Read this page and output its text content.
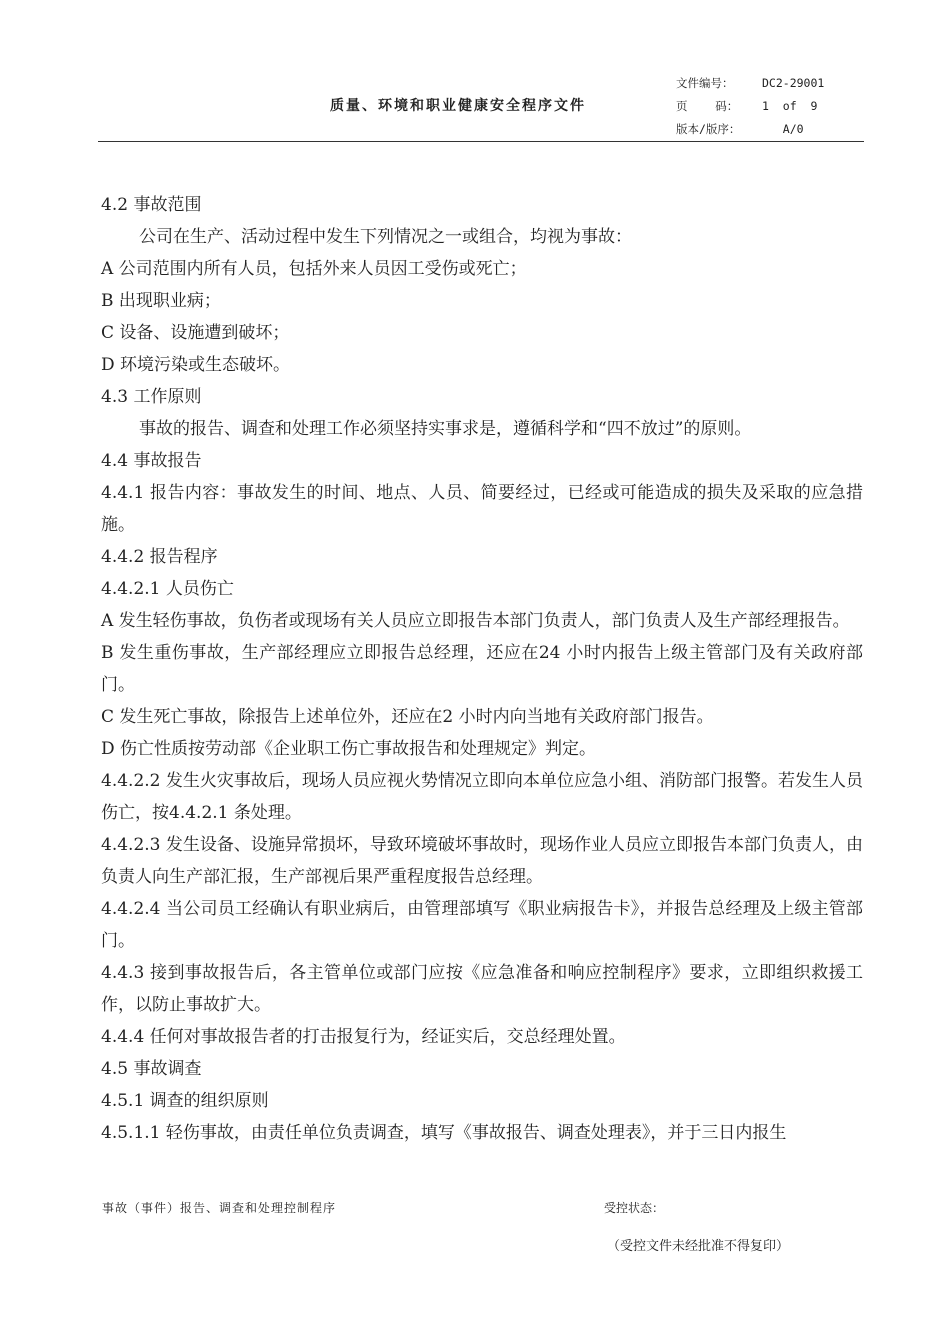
质量、环境和职业健康安全程序文件
文件编号：	DC2-29001
页    码：	1  of  9
版本/版序：	A/0

4.2 事故范围

公司在生产、活动过程中发生下列情况之一或组合，均视为事故：

A 公司范围内所有人员，包括外来人员因工受伤或死亡；

B 出现职业病；

C 设备、设施遭到破坏；

D 环境污染或生态破坏。

4.3 工作原则

事故的报告、调查和处理工作必须坚持实事求是，遵循科学和“四不放过”的原则。

4.4 事故报告

4.4.1 报告内容：事故发生的时间、地点、人员、简要经过，已经或可能造成的损失及采取的应急措施。

4.4.2 报告程序

4.4.2.1 人员伤亡

A 发生轻伤事故，负伤者或现场有关人员应立即报告本部门负责人，部门负责人及生产部经理报告。

B 发生重伤事故，生产部经理应立即报告总经理，还应在24 小时内报告上级主管部门及有关政府部门。

C 发生死亡事故，除报告上述单位外，还应在2 小时内向当地有关政府部门报告。

D 伤亡性质按劳动部《企业职工伤亡事故报告和处理规定》判定。

4.4.2.2 发生火灾事故后，现场人员应视火势情况立即向本单位应急小组、消防部门报警。若发生人员伤亡，按4.4.2.1 条处理。

4.4.2.3 发生设备、设施异常损坏，导致环境破坏事故时，现场作业人员应立即报告本部门负责人，由负责人向生产部汇报，生产部视后果严重程度报告总经理。

4.4.2.4 当公司员工经确认有职业病后，由管理部填写《职业病报告卡》，并报告总经理及上级主管部门。

4.4.3 接到事故报告后，各主管单位或部门应按《应急准备和响应控制程序》要求，立即组织救援工作，以防止事故扩大。

4.4.4 任何对事故报告者的打击报复行为，经证实后，交总经理处置。

4.5 事故调查

4.5.1 调查的组织原则

4.5.1.1 轻伤事故，由责任单位负责调查，填写《事故报告、调查处理表》，并于三日内报生

事故（事件）报告、调查和处理控制程序	受控状态：
（受控文件未经批准不得复印）
